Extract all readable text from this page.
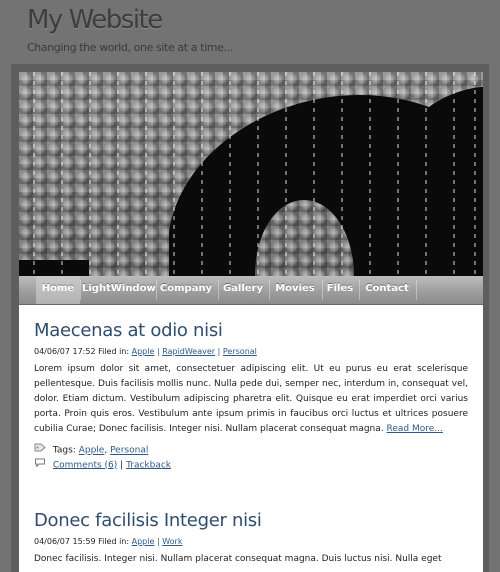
My Website
Changing the world, one site at a time...
Home LightWindow Company Gallery Movies Files Contact
Maecenas at odio nisi
04/06/07 17:52 Filed in: Apple | RapidWeaver | Personal
Lorem ipsum dolor sit amet, consectetuer adipiscing elit. Ut eu purus eu erat scelerisque pellentesque. Duis facilisis mollis nunc. Nulla pede dui, semper nec, interdum in, consequat vel, dolor. Etiam dictum. Vestibulum adipiscing pharetra elit. Quisque eu erat imperdiet orci varius porta. Proin quis eros. Vestibulum ante ipsum primis in faucibus orci luctus et ultrices posuere cubilia Curae; Donec facilisis. Integer nisi. Nullam placerat consequat magna. Read More...
Tags: Apple, Personal
Comments (6) | Trackback
Donec facilisis Integer nisi
04/06/07 15:59 Filed in: Apple | Work
Donec facilisis. Integer nisi. Nullam placerat consequat magna. Duis luctus nisi. Nulla eget
